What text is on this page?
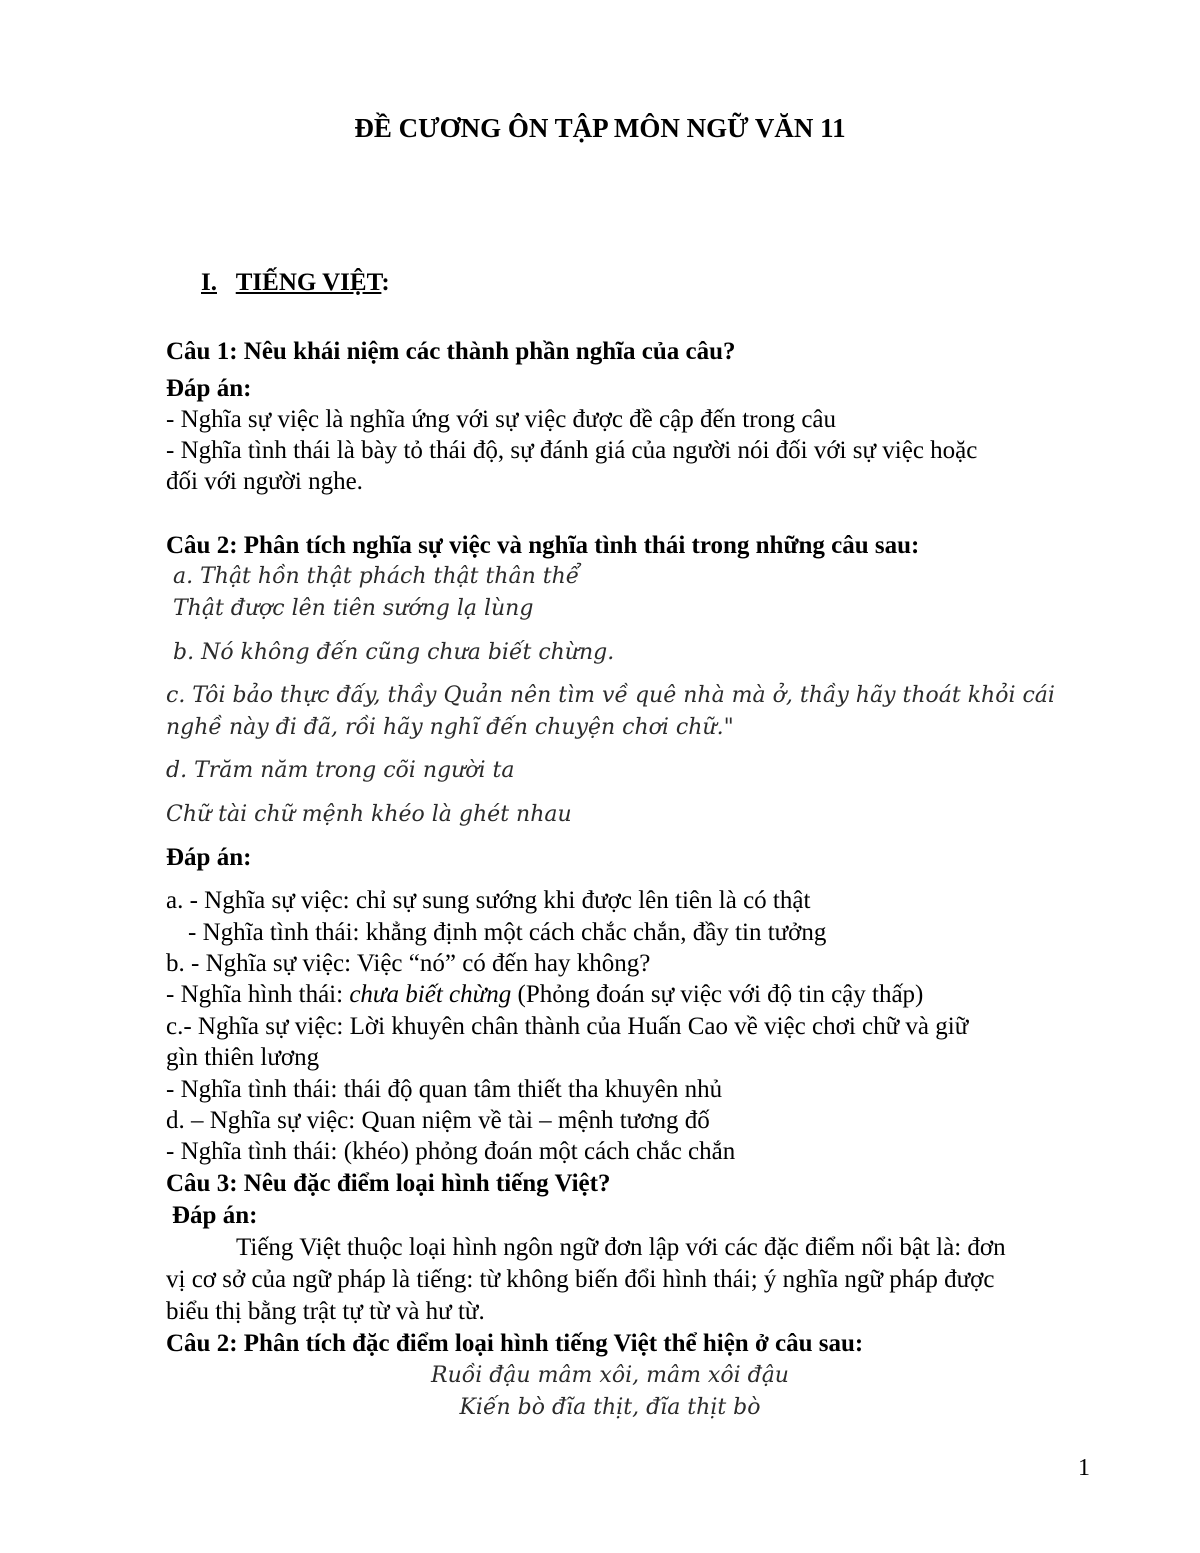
ĐỀ CƯƠNG ÔN TẬP MÔN NGỮ VĂN 11
I. TIẾNG VIỆT:
Câu 1: Nêu khái niệm các thành phần nghĩa của câu?
Đáp án:
- Nghĩa sự việc là nghĩa ứng với sự việc được đề cập đến trong câu
- Nghĩa tình thái là bày tỏ thái độ, sự đánh giá của người nói đối với sự việc hoặc
đối với người nghe.
Câu 2: Phân tích nghĩa sự việc và nghĩa tình thái trong những câu sau:
a. Thật hồn thật phách thật thân thể
Thật được lên tiên sướng lạ lùng
b. Nó không đến cũng chưa biết chừng.
c. Tôi bảo thực đấy, thầy Quản nên tìm về quê nhà mà ở, thầy hãy thoát khỏi cái
nghề này đi đã, rồi hãy nghĩ đến chuyện chơi chữ."
d. Trăm năm trong cõi người ta
Chữ tài chữ mệnh khéo là ghét nhau
Đáp án:
a. - Nghĩa sự việc: chỉ sự sung sướng khi được lên tiên là có thật
- Nghĩa tình thái: khẳng định một cách chắc chắn, đầy tin tưởng
b. - Nghĩa sự việc: Việc “nó” có đến hay không?
- Nghĩa hình thái: chưa biết chừng (Phỏng đoán sự việc với độ tin cậy thấp)
c.- Nghĩa sự việc: Lời khuyên chân thành của Huấn Cao về việc chơi chữ và giữ
gìn thiên lương
- Nghĩa tình thái: thái độ quan tâm thiết tha khuyên nhủ
d. – Nghĩa sự việc: Quan niệm về tài – mệnh tương đố
- Nghĩa tình thái: (khéo) phỏng đoán một cách chắc chắn
Câu 3: Nêu đặc điểm loại hình tiếng Việt?
Đáp án:
Tiếng Việt thuộc loại hình ngôn ngữ đơn lập với các đặc điểm nổi bật là: đơn
vị cơ sở của ngữ pháp là tiếng: từ không biến đổi hình thái; ý nghĩa ngữ pháp được
biểu thị bằng trật tự từ và hư từ.
Câu 2: Phân tích đặc điểm loại hình tiếng Việt thể hiện ở câu sau:
Ruồi đậu mâm xôi, mâm xôi đậu
Kiến bò đĩa thịt, đĩa thịt bò
1
